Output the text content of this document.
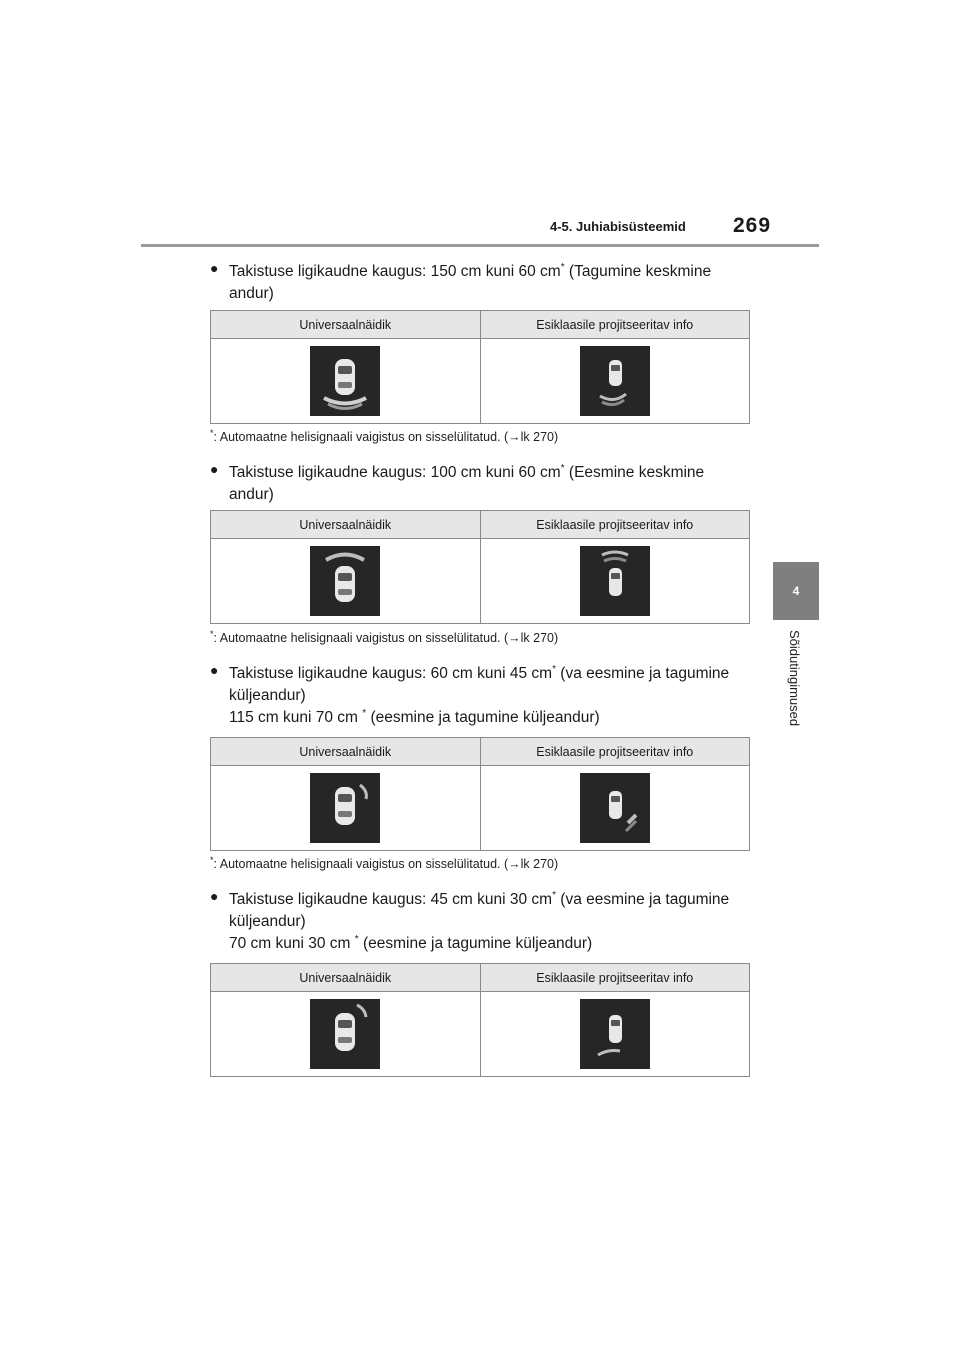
4-5. Juhiabisüsteemid 269
4
Sõidutingimused
● Takistuse ligikaudne kaugus: 150 cm kuni 60 cm* (Tagumine keskmine
andur)
Universaalnäidik	Esiklaasile projitseeritav info

*: Automaatne helisignaali vaigistus on sisselülitatud. (→lk 270)
● Takistuse ligikaudne kaugus: 100 cm kuni 60 cm* (Eesmine keskmine
andur)
Universaalnäidik	Esiklaasile projitseeritav info

*: Automaatne helisignaali vaigistus on sisselülitatud. (→lk 270)
● Takistuse ligikaudne kaugus: 60 cm kuni 45 cm* (va eesmine ja tagumine
küljeandur)
115 cm kuni 70 cm * (eesmine ja tagumine küljeandur)
Universaalnäidik	Esiklaasile projitseeritav info

*: Automaatne helisignaali vaigistus on sisselülitatud. (→lk 270)
● Takistuse ligikaudne kaugus: 45 cm kuni 30 cm* (va eesmine ja tagumine
küljeandur)
70 cm kuni 30 cm * (eesmine ja tagumine küljeandur)
Universaalnäidik	Esiklaasile projitseeritav info
